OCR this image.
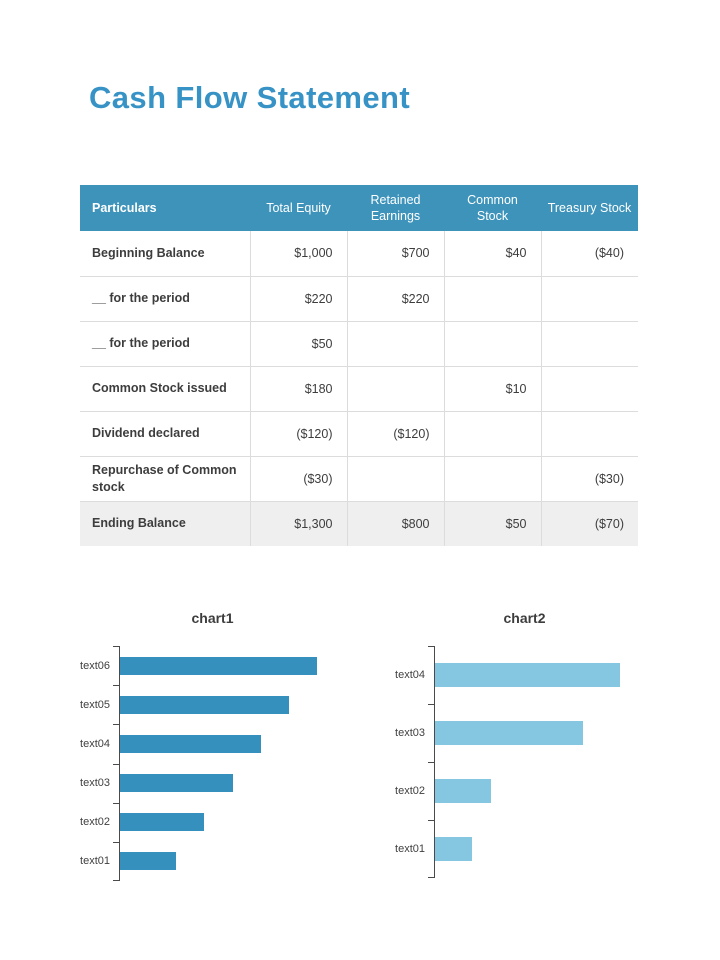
Cash Flow Statement
Particulars	Total Equity	Retained Earnings	Common Stock	Treasury Stock
Beginning Balance	$1,000	$700	$40	($40)
__ for the period	$220	$220		
__ for the period	$50			
Common Stock issued	$180		$10	
Dividend declared	($120)	($120)		
Repurchase of Common stock	($30)			($30)
Ending Balance	$1,300	$800	$50	($70)
chart1	chart2
text06
text05
text04
text03
text02
text01
text04
text03
text02
text01
